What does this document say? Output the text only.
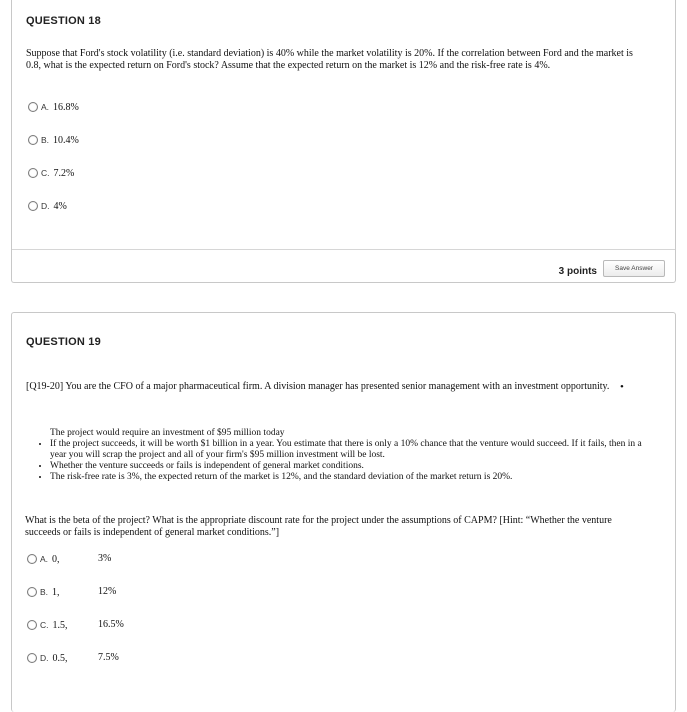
QUESTION 18
Suppose that Ford's stock volatility (i.e. standard deviation) is 40% while the market volatility is 20%. If the correlation between Ford and the market is 0.8, what is the expected return on Ford's stock? Assume that the expected return on the market is 12% and the risk-free rate is 4%.
A.
16.8%
B.
10.4%
C.
7.2%
D.
4%
3 points	Save Answer
QUESTION 19
[Q19-20] You are the CFO of a major pharmaceutical firm. A division manager has presented senior management with an investment opportunity. •
The project would require an investment of $95 million today
• If the project succeeds, it will be worth $1 billion in a year. You estimate that there is only a 10% chance that the venture would succeed. If it fails, then in a year you will scrap the project and all of your firm's $95 million investment will be lost.
• Whether the venture succeeds or fails is independent of general market conditions.
• The risk-free rate is 3%, the expected return of the market is 12%, and the standard deviation of the market return is 20%.
What is the beta of the project? What is the appropriate discount rate for the project under the assumptions of CAPM? [Hint: “Whether the venture succeeds or fails is independent of general market conditions.”]
A.
0,	3%
B.
1,	12%
C.
1.5,	16.5%
D.
0.5,	7.5%
